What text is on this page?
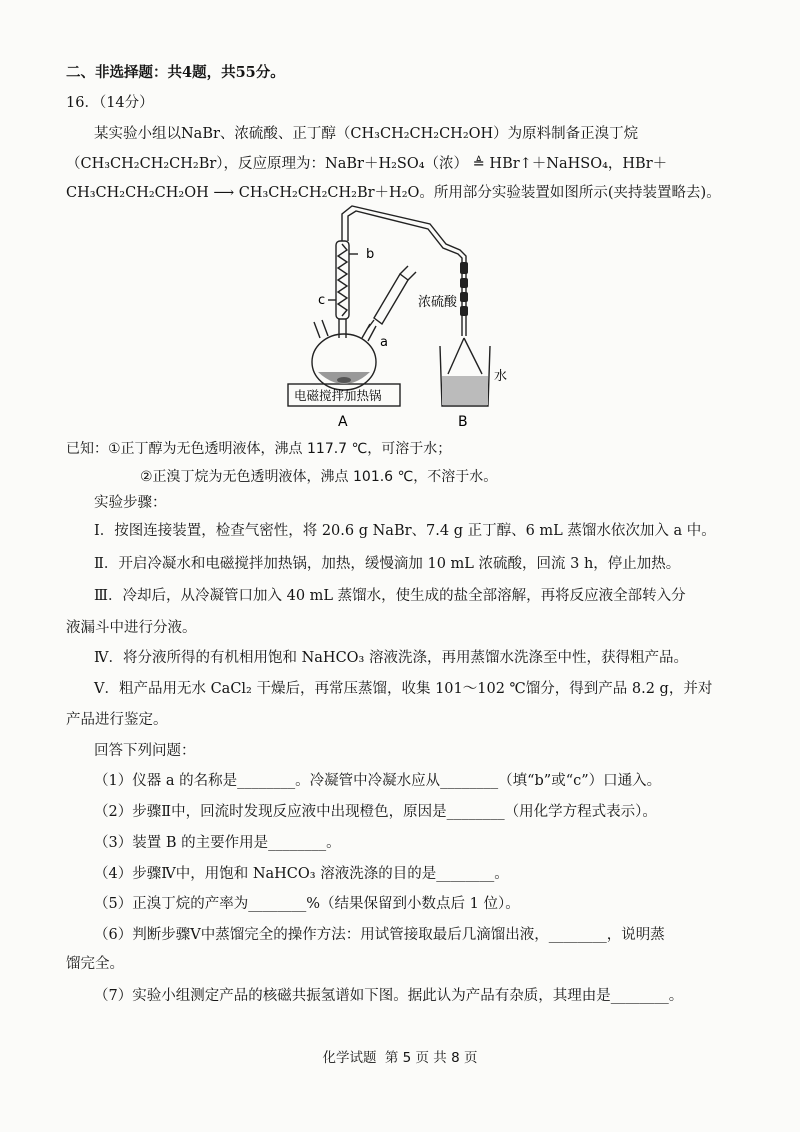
二、非选择题：共4题，共55分。
16．（14分）
某实验小组以NaBr、浓硫酸、正丁醇（CH₃CH₂CH₂CH₂OH）为原料制备正溴丁烷
（CH₃CH₂CH₂CH₂Br），反应原理为：NaBr＋H₂SO₄（浓） ≜ HBr↑＋NaHSO₄，HBr＋
CH₃CH₂CH₂CH₂OH ⟶ CH₃CH₂CH₂CH₂Br＋H₂O。所用部分实验装置如图所示(夹持装置略去)。
b
c
a
浓硫酸
水
电磁搅拌加热锅
A	B
已知：①正丁醇为无色透明液体，沸点 117.7 ℃，可溶于水；
②正溴丁烷为无色透明液体，沸点 101.6 ℃，不溶于水。
实验步骤：
Ⅰ．按图连接装置，检查气密性，将 20.6 g NaBr、7.4 g 正丁醇、6 mL 蒸馏水依次加入 a 中。
Ⅱ．开启冷凝水和电磁搅拌加热锅，加热，缓慢滴加 10 mL 浓硫酸，回流 3 h，停止加热。
Ⅲ．冷却后，从冷凝管口加入 40 mL 蒸馏水，使生成的盐全部溶解，再将反应液全部转入分
液漏斗中进行分液。
Ⅳ．将分液所得的有机相用饱和 NaHCO₃ 溶液洗涤，再用蒸馏水洗涤至中性，获得粗产品。
Ⅴ．粗产品用无水 CaCl₂ 干燥后，再常压蒸馏，收集 101～102 ℃馏分，得到产品 8.2 g，并对
产品进行鉴定。
回答下列问题：
（1）仪器 a 的名称是________。冷凝管中冷凝水应从________（填“b”或“c”）口通入。
（2）步骤Ⅱ中，回流时发现反应液中出现橙色，原因是________（用化学方程式表示）。
（3）装置 B 的主要作用是________。
（4）步骤Ⅳ中，用饱和 NaHCO₃ 溶液洗涤的目的是________。
（5）正溴丁烷的产率为________%（结果保留到小数点后 1 位）。
（6）判断步骤Ⅴ中蒸馏完全的操作方法：用试管接取最后几滴馏出液，________，说明蒸
馏完全。
（7）实验小组测定产品的核磁共振氢谱如下图。据此认为产品有杂质，其理由是________。
化学试题 第 5 页 共 8 页
